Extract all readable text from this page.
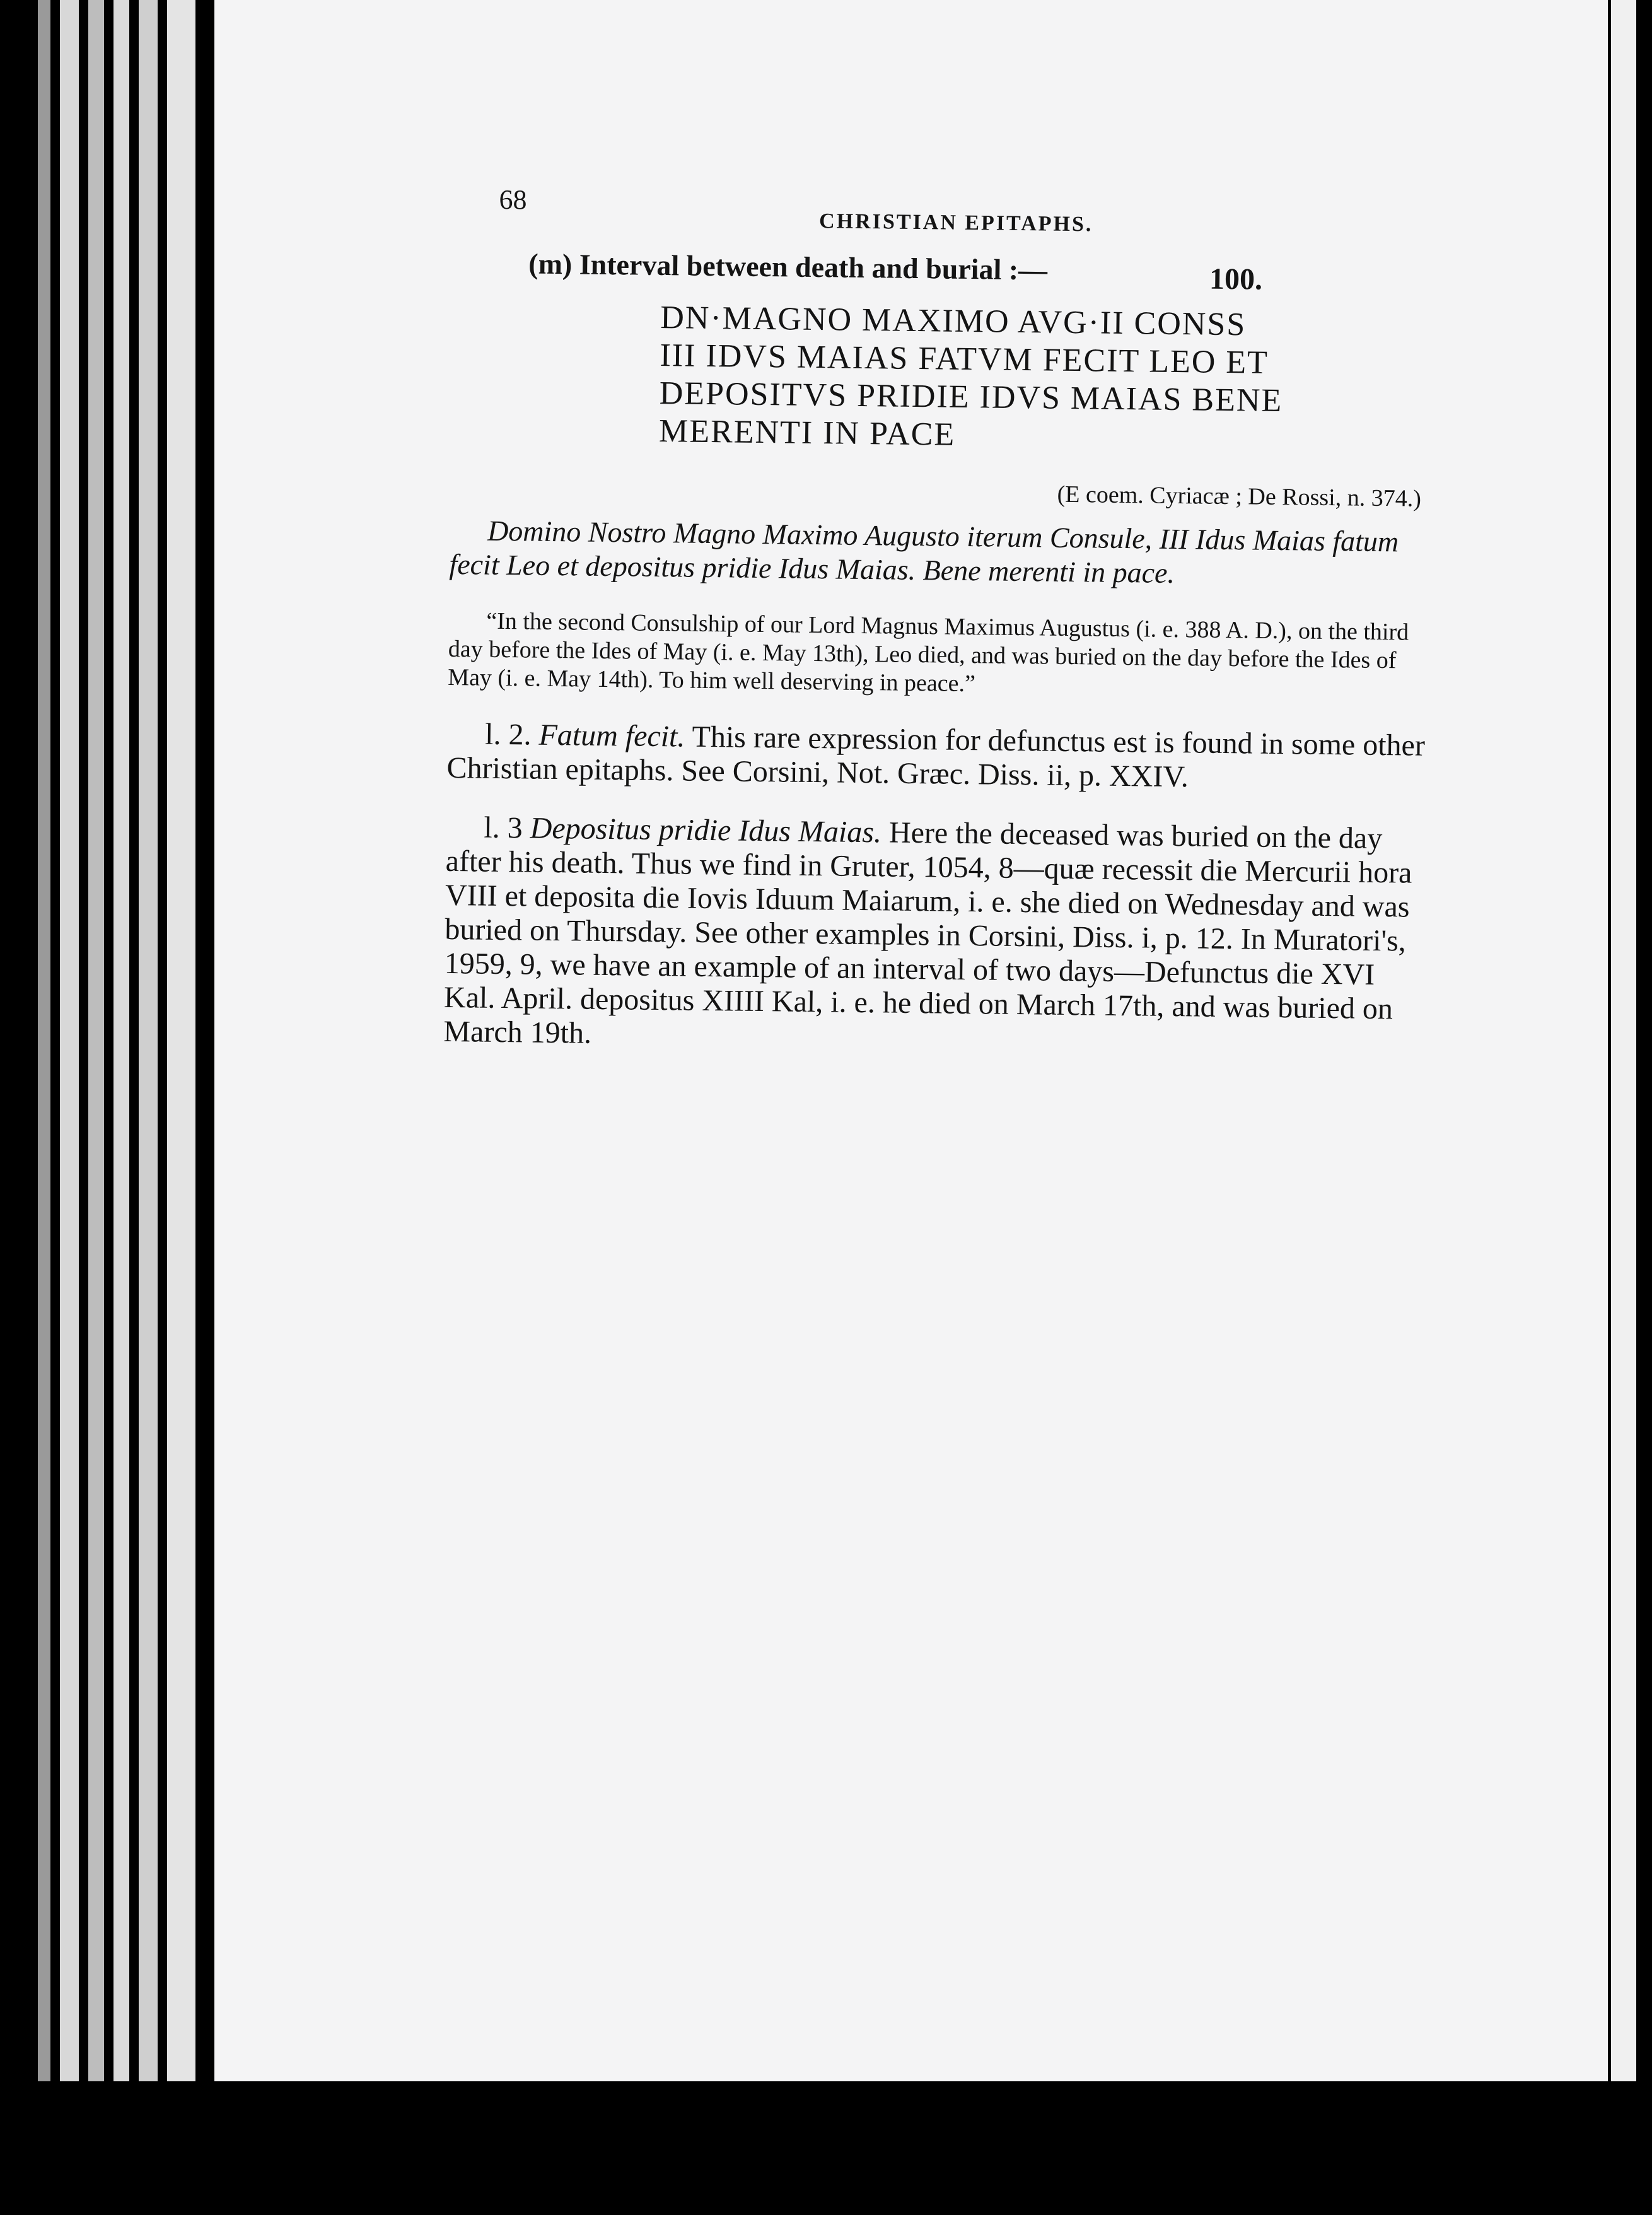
68
CHRISTIAN EPITAPHS.
(m) Interval between death and burial :—	100.
DN·MAGNO MAXIMO AVG·II CONSS
III IDVS MAIAS FATVM FECIT LEO ET
DEPOSITVS PRIDIE IDVS MAIAS BENE
MERENTI IN PACE
(E coem. Cyriacæ ; De Rossi, n. 374.)
Domino Nostro Magno Maximo Augusto iterum Consule, III Idus Maias fatum fecit Leo et depositus pridie Idus Maias. Bene merenti in pace.
“In the second Consulship of our Lord Magnus Maximus Augustus (i. e. 388 A. D.), on the third day before the Ides of May (i. e. May 13th), Leo died, and was buried on the day before the Ides of May (i. e. May 14th). To him well deserving in peace.”
l. 2. Fatum fecit. This rare expression for defunctus est is found in some other Christian epitaphs. See Corsini, Not. Græc. Diss. ii, p. XXIV.
l. 3 Depositus pridie Idus Maias. Here the deceased was buried on the day after his death. Thus we find in Gruter, 1054, 8—quæ recessit die Mercurii hora VIII et deposita die Iovis Iduum Maiarum, i. e. she died on Wednesday and was buried on Thursday. See other examples in Corsini, Diss. i, p. 12. In Muratori's, 1959, 9, we have an example of an interval of two days—Defunctus die XVI Kal. April. depositus XIIII Kal, i. e. he died on March 17th, and was buried on March 19th.
